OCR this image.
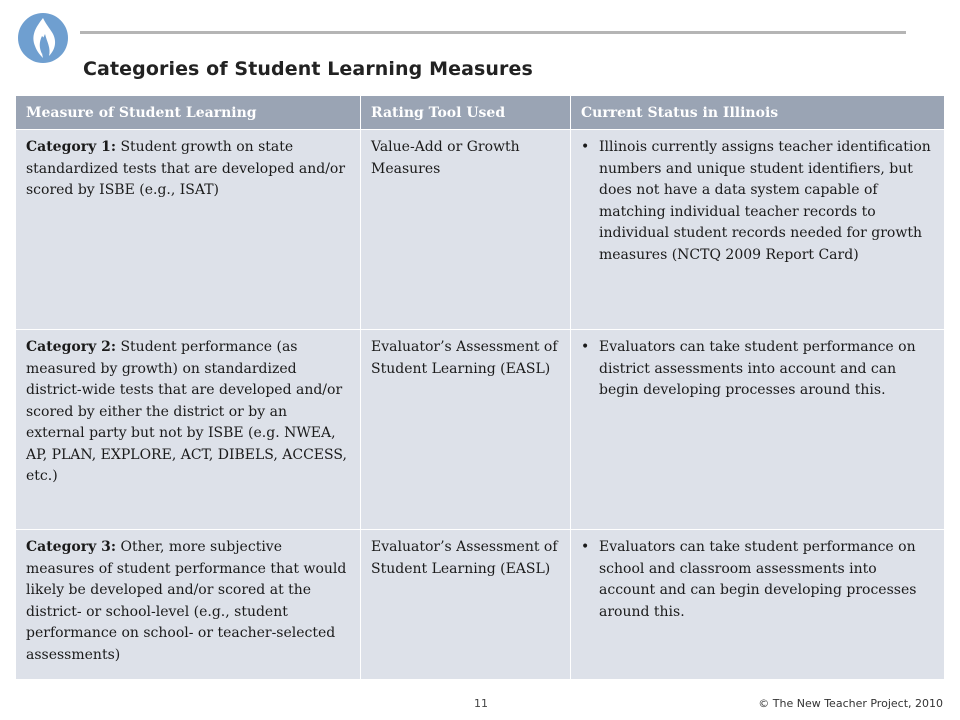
Categories of Student Learning Measures
Measure of Student Learning	Rating Tool Used	Current Status in Illinois
Category 1: Student growth on state standardized tests that are developed and/or scored by ISBE (e.g., ISAT)	Value-Add or Growth Measures	• Illinois currently assigns teacher identification numbers and unique student identifiers, but does not have a data system capable of matching individual teacher records to individual student records needed for growth measures (NCTQ 2009 Report Card)

Category 2: Student performance (as measured by growth) on standardized district-wide tests that are developed and/or scored by either the district or by an external party but not by ISBE (e.g. NWEA, AP, PLAN, EXPLORE, ACT, DIBELS, ACCESS, etc.)	Evaluator’s Assessment of Student Learning (EASL)	• Evaluators can take student performance on district assessments into account and can begin developing processes around this.

Category 3: Other, more subjective measures of student performance that would likely be developed and/or scored at the district- or school-level (e.g., student performance on school- or teacher-selected assessments)	Evaluator’s Assessment of Student Learning (EASL)	• Evaluators can take student performance on school and classroom assessments into account and can begin developing processes around this.
11	© The New Teacher Project, 2010
